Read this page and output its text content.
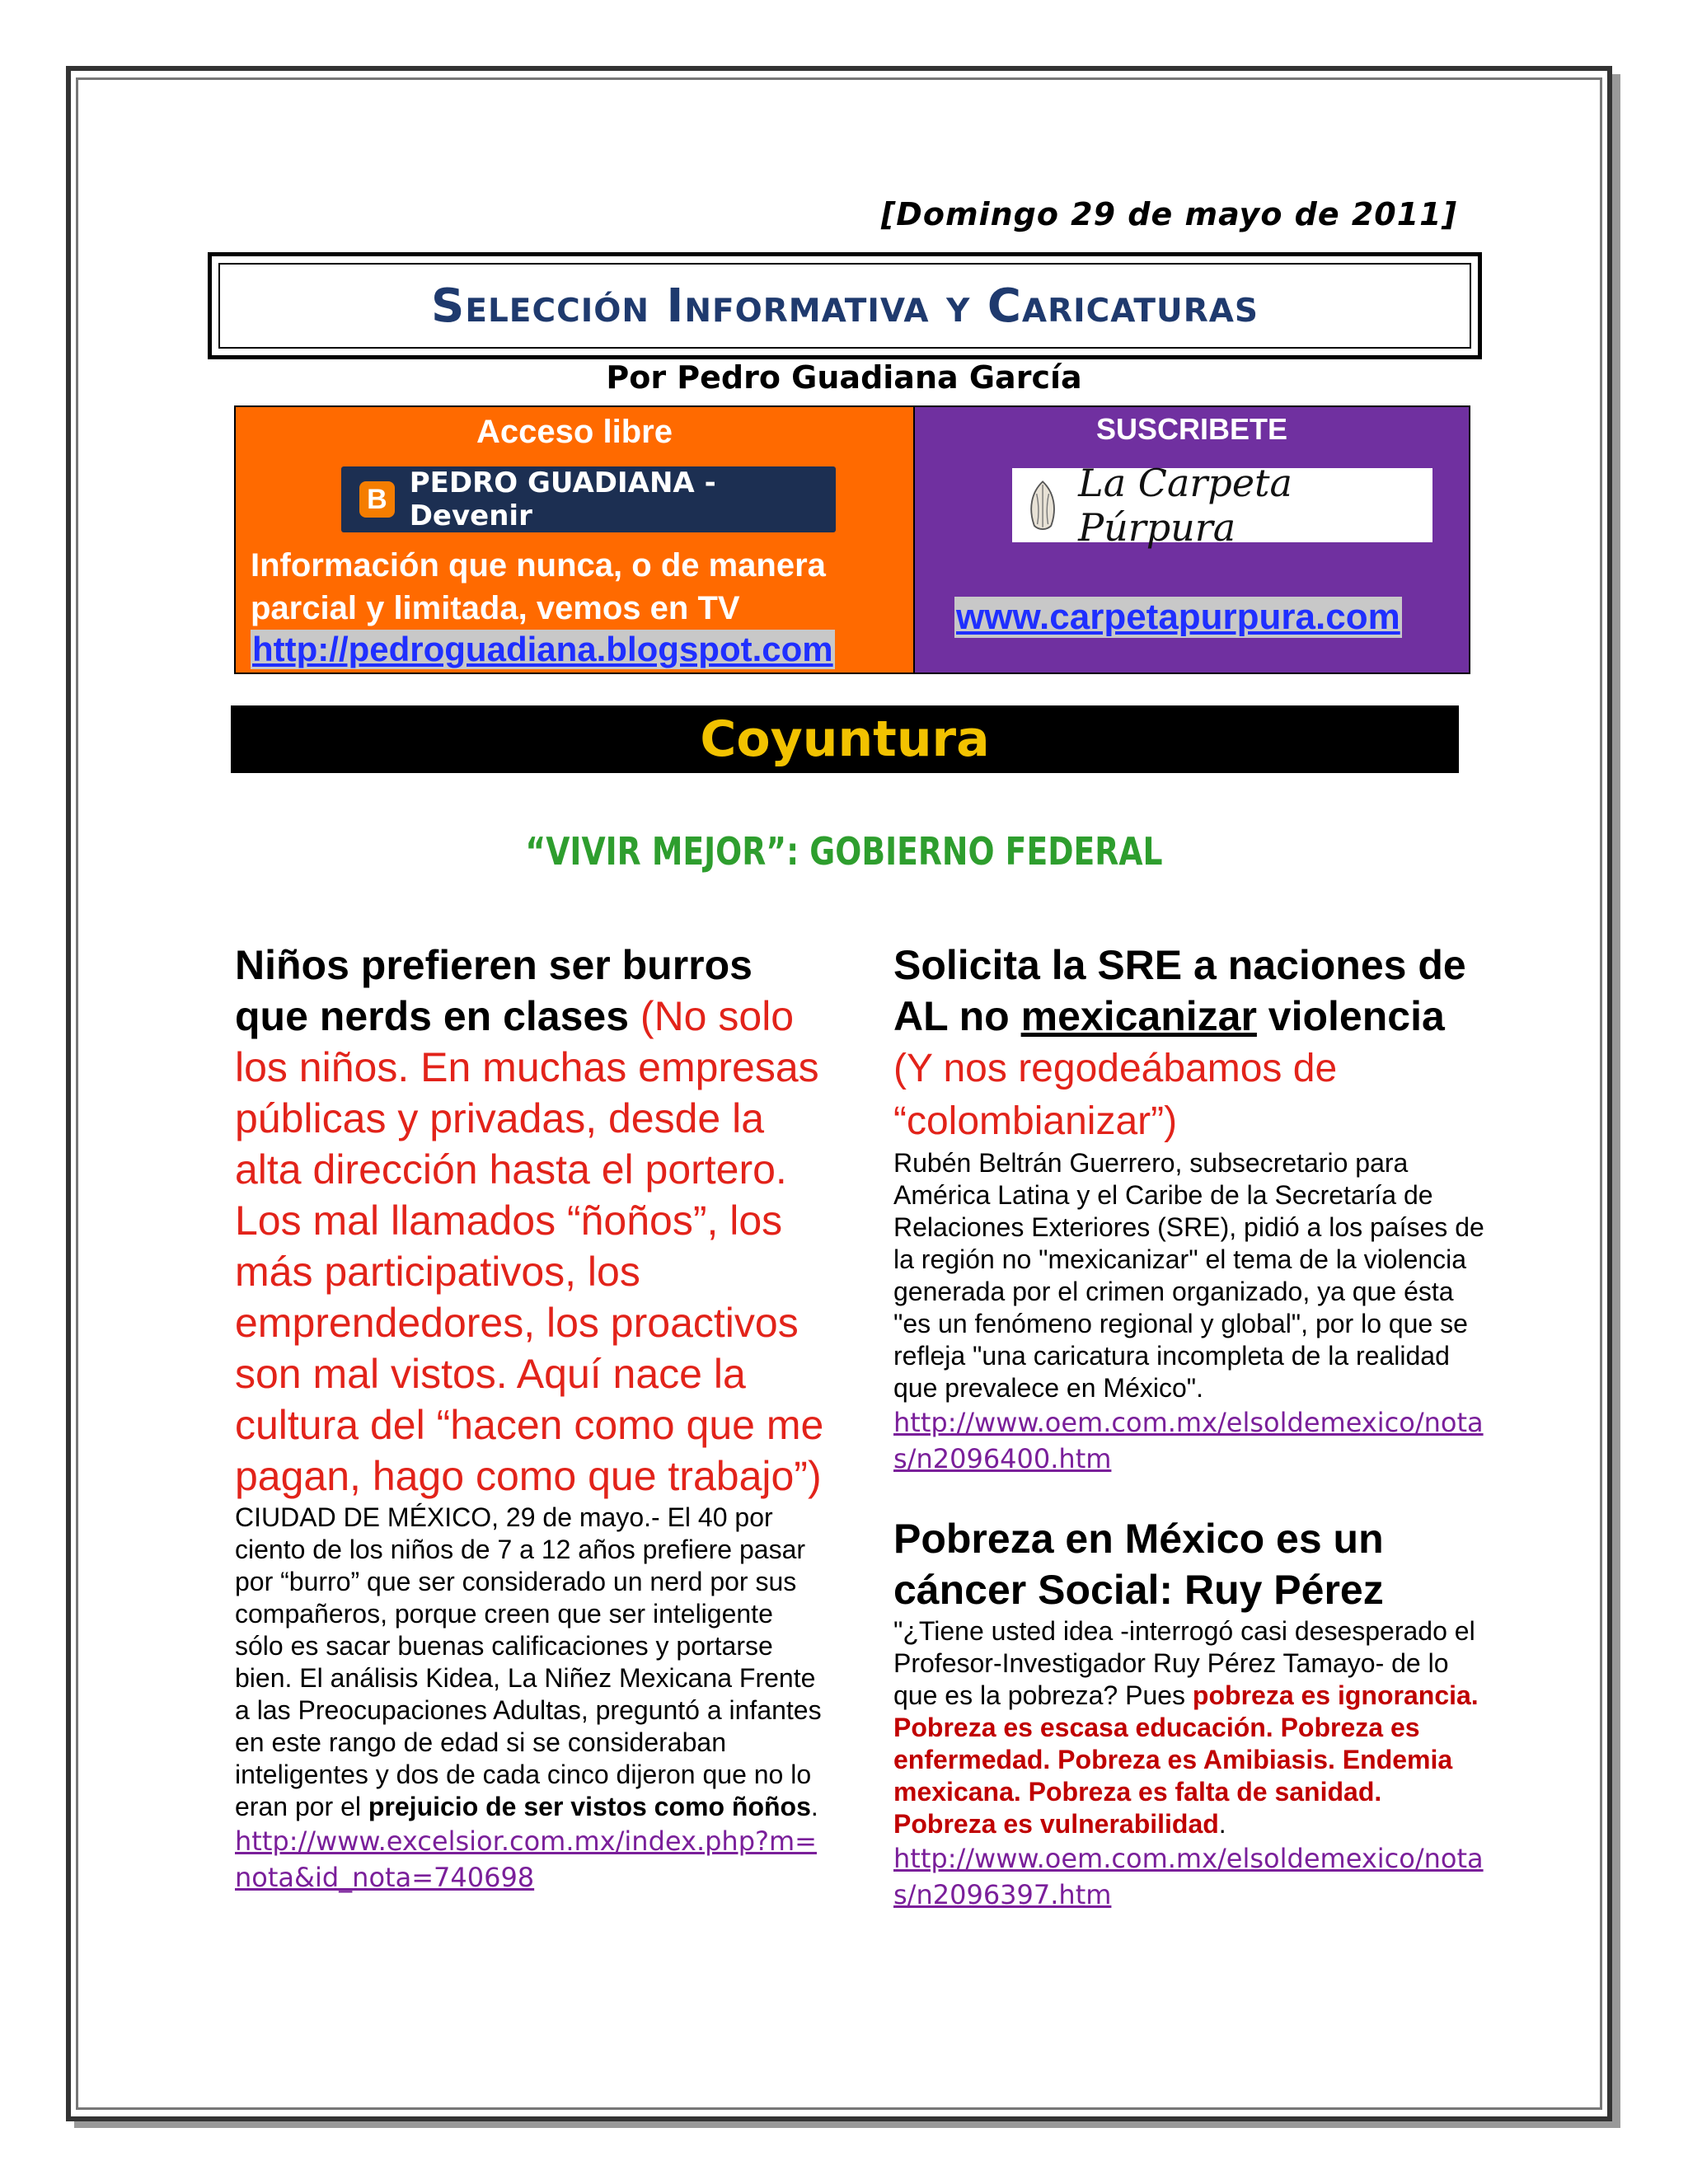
[Domingo 29 de mayo de 2011]
Selección Informativa y Caricaturas
Por Pedro Guadiana García
Acceso libre
B PEDRO GUADIANA - Devenir
Información que nunca, o de manera parcial y limitada, vemos en TV
http://pedroguadiana.blogspot.com
SUSCRIBETE
La Carpeta Púrpura
www.carpetapurpura.com
Coyuntura
“VIVIR MEJOR”: GOBIERNO FEDERAL
Niños prefieren ser burros que nerds en clases (No solo los niños. En muchas empresas públicas y privadas, desde la alta dirección hasta el portero. Los mal llamados “ñoños”, los más participativos, los emprendedores, los proactivos son mal vistos. Aquí nace la cultura del “hacen como que me pagan, hago como que trabajo”)
CIUDAD DE MÉXICO, 29 de mayo.- El 40 por ciento de los niños de 7 a 12 años prefiere pasar por “burro” que ser considerado un nerd por sus compañeros, porque creen que ser inteligente sólo es sacar buenas calificaciones y portarse bien. El análisis Kidea, La Niñez Mexicana Frente a las Preocupaciones Adultas, preguntó a infantes en este rango de edad si se consideraban inteligentes y dos de cada cinco dijeron que no lo eran por el prejuicio de ser vistos como ñoños.
http://www.excelsior.com.mx/index.php?m=nota&id_nota=740698
Solicita la SRE a naciones de AL no mexicanizar violencia (Y nos regodeábamos de “colombianizar”)
Rubén Beltrán Guerrero, subsecretario para América Latina y el Caribe de la Secretaría de Relaciones Exteriores (SRE), pidió a los países de la región no "mexicanizar" el tema de la violencia generada por el crimen organizado, ya que ésta "es un fenómeno regional y global", por lo que se refleja "una caricatura incompleta de la realidad que prevalece en México".
http://www.oem.com.mx/elsoldemexico/notas/n2096400.htm
Pobreza en México es un cáncer Social: Ruy Pérez
"¿Tiene usted idea -interrogó casi desesperado el Profesor-Investigador Ruy Pérez Tamayo- de lo que es la pobreza? Pues pobreza es ignorancia. Pobreza es escasa educación. Pobreza es enfermedad. Pobreza es Amibiasis. Endemia mexicana. Pobreza es falta de sanidad. Pobreza es vulnerabilidad.
http://www.oem.com.mx/elsoldemexico/notas/n2096397.htm
